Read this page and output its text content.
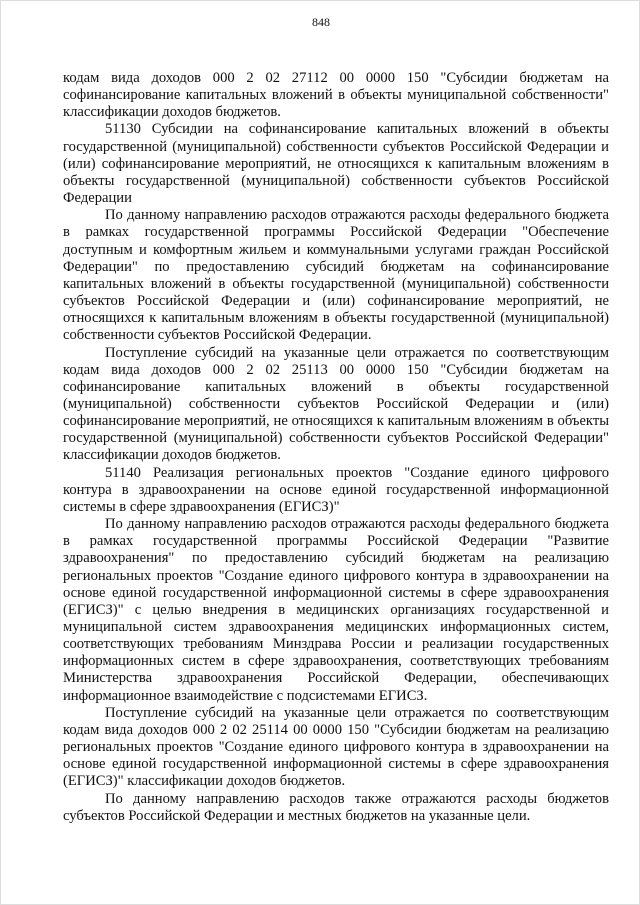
848

кодам вида доходов 000 2 02 27112 00 0000 150 "Субсидии бюджетам на софинансирование капитальных вложений в объекты муниципальной собственности" классификации доходов бюджетов.

51130 Субсидии на софинансирование капитальных вложений в объекты государственной (муниципальной) собственности субъектов Российской Федерации и (или) софинансирование мероприятий, не относящихся к капитальным вложениям в объекты государственной (муниципальной) собственности субъектов Российской Федерации

По данному направлению расходов отражаются расходы федерального бюджета в рамках государственной программы Российской Федерации "Обеспечение доступным и комфортным жильем и коммунальными услугами граждан Российской Федерации" по предоставлению субсидий бюджетам на софинансирование капитальных вложений в объекты государственной (муниципальной) собственности субъектов Российской Федерации и (или) софинансирование мероприятий, не относящихся к капитальным вложениям в объекты государственной (муниципальной) собственности субъектов Российской Федерации.

Поступление субсидий на указанные цели отражается по соответствующим кодам вида доходов 000 2 02 25113 00 0000 150 "Субсидии бюджетам на софинансирование капитальных вложений в объекты государственной (муниципальной) собственности субъектов Российской Федерации и (или) софинансирование мероприятий, не относящихся к капитальным вложениям в объекты государственной (муниципальной) собственности субъектов Российской Федерации" классификации доходов бюджетов.

51140 Реализация региональных проектов "Создание единого цифрового контура в здравоохранении на основе единой государственной информационной системы в сфере здравоохранения (ЕГИСЗ)"

По данному направлению расходов отражаются расходы федерального бюджета в рамках государственной программы Российской Федерации "Развитие здравоохранения" по предоставлению субсидий бюджетам на реализацию региональных проектов "Создание единого цифрового контура в здравоохранении на основе единой государственной информационной системы в сфере здравоохранения (ЕГИСЗ)" с целью внедрения в медицинских организациях государственной и муниципальной систем здравоохранения медицинских информационных систем, соответствующих требованиям Минздрава России и реализации государственных информационных систем в сфере здравоохранения, соответствующих требованиям Министерства здравоохранения Российской Федерации, обеспечивающих информационное взаимодействие с подсистемами ЕГИСЗ.

Поступление субсидий на указанные цели отражается по соответствующим кодам вида доходов 000 2 02 25114 00 0000 150 "Субсидии бюджетам на реализацию региональных проектов "Создание единого цифрового контура в здравоохранении на основе единой государственной информационной системы в сфере здравоохранения (ЕГИСЗ)" классификации доходов бюджетов.

По данному направлению расходов также отражаются расходы бюджетов субъектов Российской Федерации и местных бюджетов на указанные цели.
